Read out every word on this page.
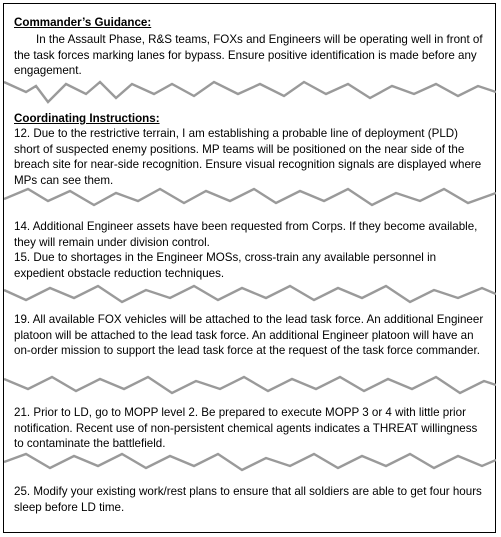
Commander’s Guidance:

In the Assault Phase, R&S teams, FOXs and Engineers will be operating well in front of the task forces marking lanes for bypass. Ensure positive identification is made before any engagement.

Coordinating Instructions:

12. Due to the restrictive terrain, I am establishing a probable line of deployment (PLD) short of suspected enemy positions. MP teams will be positioned on the near side of the breach site for near-side recognition. Ensure visual recognition signals are displayed where MPs can see them.

14. Additional Engineer assets have been requested from Corps. If they become available, they will remain under division control.
15. Due to shortages in the Engineer MOSs, cross-train any available personnel in expedient obstacle reduction techniques.

19. All available FOX vehicles will be attached to the lead task force. An additional Engineer platoon will be attached to the lead task force. An additional Engineer platoon will have an on-order mission to support the lead task force at the request of the task force commander.

21. Prior to LD, go to MOPP level 2. Be prepared to execute MOPP 3 or 4 with little prior notification. Recent use of non-persistent chemical agents indicates a THREAT willingness to contaminate the battlefield.

25. Modify your existing work/rest plans to ensure that all soldiers are able to get four hours sleep before LD time.
